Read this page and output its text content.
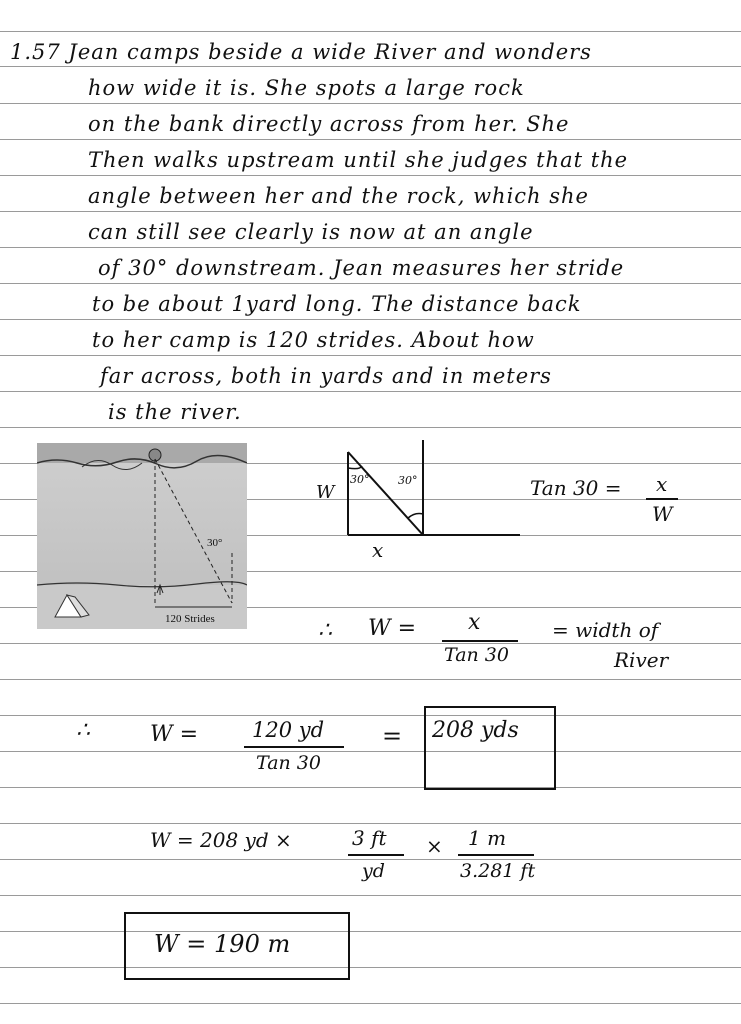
1.57 Jean camps beside a wide River and wonders
how wide it is. She spots a large rock
on the bank directly across from her. She
Then walks upstream until she judges that the
angle between her and the rock, which she
can still see clearly is now at an angle
of 30° downstream. Jean measures her stride
to be about 1yard long. The distance back
to her camp is 120 strides. About how
far across, both in yards and in meters
is the river.
30°
120 Strides
W
30°	30°
x
Tan 30 = x
W
∴ W = x
Tan 30
= width of
River
∴	W =	120 yd
Tan 30
= 208 yds
W = 208 yd ×	3 ft
yd
× 1 m
3.281 ft
W = 190 m
